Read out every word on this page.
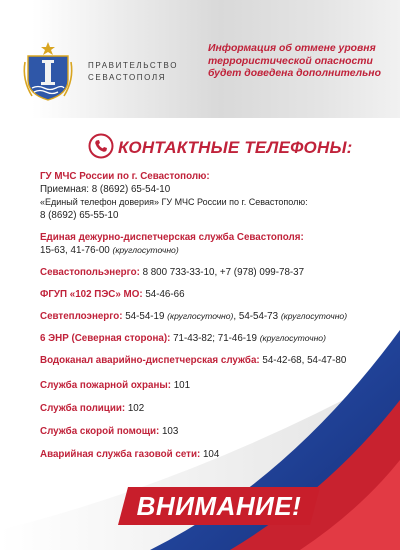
ПРАВИТЕЛЬСТВО
СЕВАСТОПОЛЯ
Информация об отмене уровня террористической опасности будет доведена дополнительно
КОНТАКТНЫЕ ТЕЛЕФОНЫ:
ГУ МЧС России по г. Севастополю:
Приемная: 8 (8692) 65-54-10
«Единый телефон доверия» ГУ МЧС России по г. Севастополю:
8 (8692) 65-55-10
Единая дежурно-диспетчерская служба Севастополя:
15-63, 41-76-00 (круглосуточно)
Севастопольэнерго: 8 800 733-33-10, +7 (978) 099-78-37
ФГУП «102 ПЭС» МО: 54-46-66
Севтеплоэнерго: 54-54-19 (круглосуточно), 54-54-73 (круглосуточно)
6 ЭНР (Северная сторона): 71-43-82; 71-46-19 (круглосуточно)
Водоканал аварийно-диспетчерская служба: 54-42-68, 54-47-80
Служба пожарной охраны: 101
Служба полиции: 102
Служба скорой помощи: 103
Аварийная служба газовой сети: 104
ВНИМАНИЕ!
